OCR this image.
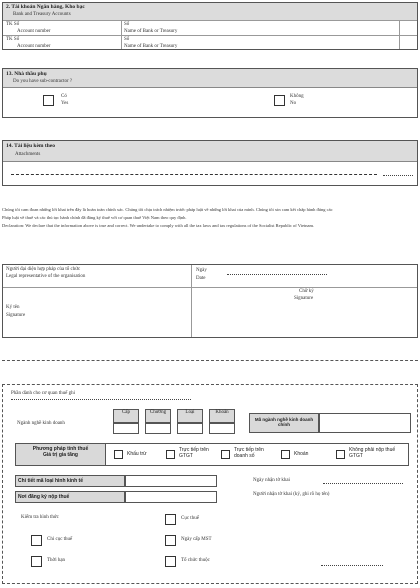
2. Tài khoản Ngân hàng, Kho bạc
Bank and Treasury Accounts
TK Số
Account number
Số
Name of Bank or Treasury
TK Số
Account number
Số
Name of Bank or Treasury
13. Nhà thầu phụ
Do you have sub-contractor ?
Có
Yes
Không
No
14. Tài liệu kèm theo
Attachments
Chúng tôi cam đoan những lời khai trên đây là hoàn toàn chính xác. Chúng tôi chịu trách nhiệm trước pháp luật về những lời khai của mình. Chúng tôi xin cam kết chấp hành đúng các
Pháp luật về thuế và các thủ tục hành chính đã đăng ký thuế với cơ quan thuế Việt Nam theo quy định.
Declaration: We declare that the information above is true and correct. We undertake to comply with all the tax laws and tax regulations of the Socialist Republic of Vietnam.
Người đại diện hợp pháp của tổ chức
Legal representative of the organisation
Ngày
Date
Ký tên
Signature
Chữ ký
Signature
Phần dành cho cơ quan thuế ghi
Ngành nghề kinh doanh
Cấp	Chương	Loại	Khoản
Mã ngành nghề kinh doanh chính
Phương pháp tính thuế
Giá trị gia tăng	Khấu trừ
Trực tiếp trên GTGT
Trực tiếp trên doanh số	Khoán
Không phải nộp thuế GTGT
Chi tiết mã loại hình kinh tế
Nơi đăng ký nộp thuế
Ngày nhận tờ khai
Người nhận tờ khai (ký, ghi rõ họ tên)
Kiểm tra hình thức	Cục thuế
Chi cục thuế	Ngày cấp MST
Thời hạn	Tổ chức thuộc
